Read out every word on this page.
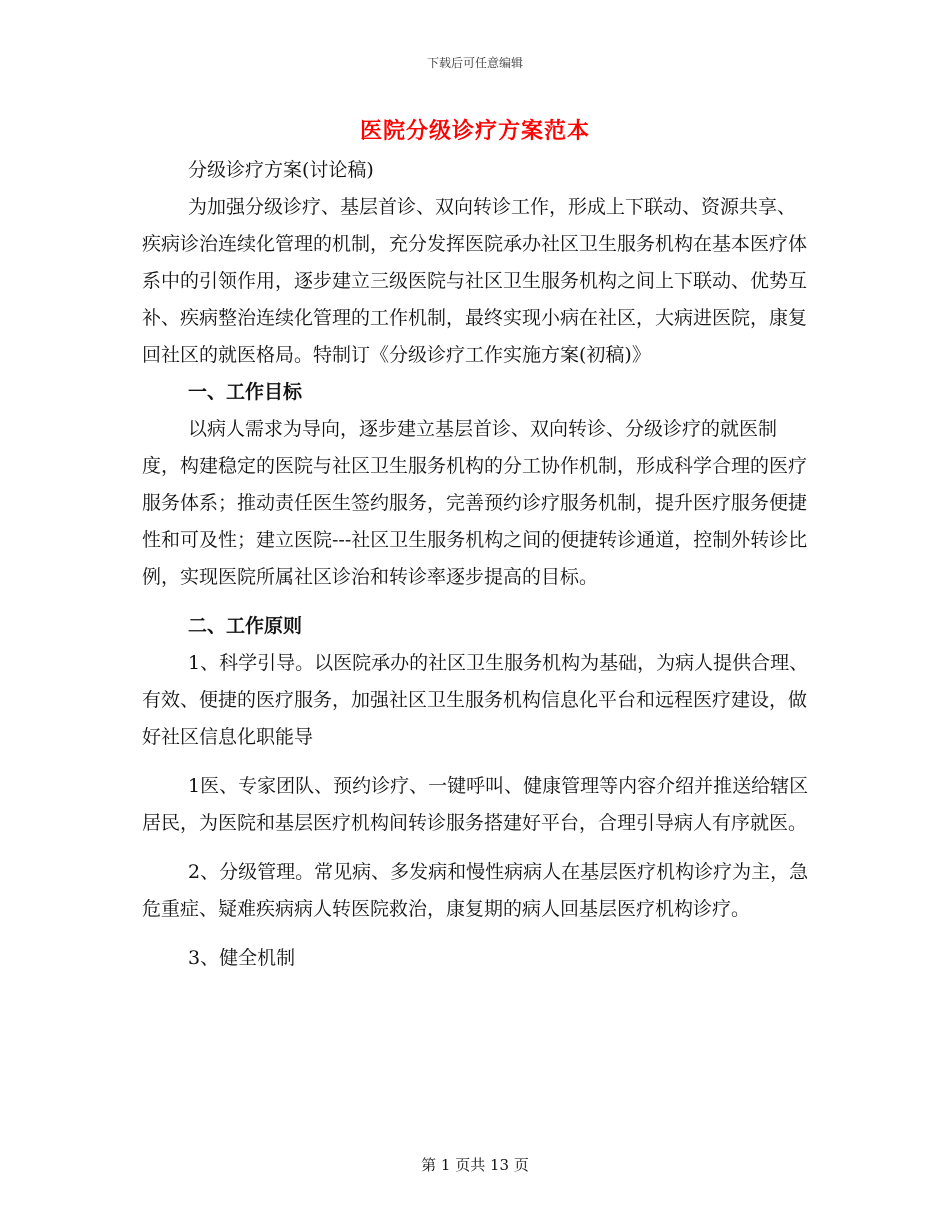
下载后可任意编辑
医院分级诊疗方案范本

分级诊疗方案(讨论稿)

为加强分级诊疗、基层首诊、双向转诊工作，形成上下联动、资源共享、疾病诊治连续化管理的机制，充分发挥医院承办社区卫生服务机构在基本医疗体系中的引领作用，逐步建立三级医院与社区卫生服务机构之间上下联动、优势互补、疾病整治连续化管理的工作机制，最终实现小病在社区，大病进医院，康复回社区的就医格局。特制订《分级诊疗工作实施方案(初稿)》

一、工作目标

以病人需求为导向，逐步建立基层首诊、双向转诊、分级诊疗的就医制度，构建稳定的医院与社区卫生服务机构的分工协作机制，形成科学合理的医疗服务体系；推动责任医生签约服务，完善预约诊疗服务机制，提升医疗服务便捷性和可及性；建立医院---社区卫生服务机构之间的便捷转诊通道，控制外转诊比例，实现医院所属社区诊治和转诊率逐步提高的目标。

二、工作原则

1、科学引导。以医院承办的社区卫生服务机构为基础，为病人提供合理、有效、便捷的医疗服务，加强社区卫生服务机构信息化平台和远程医疗建设，做好社区信息化职能导

1医、专家团队、预约诊疗、一键呼叫、健康管理等内容介绍并推送给辖区居民，为医院和基层医疗机构间转诊服务搭建好平台，合理引导病人有序就医。

2、分级管理。常见病、多发病和慢性病病人在基层医疗机构诊疗为主，急危重症、疑难疾病病人转医院救治，康复期的病人回基层医疗机构诊疗。

3、健全机制

第 1 页共 13 页
